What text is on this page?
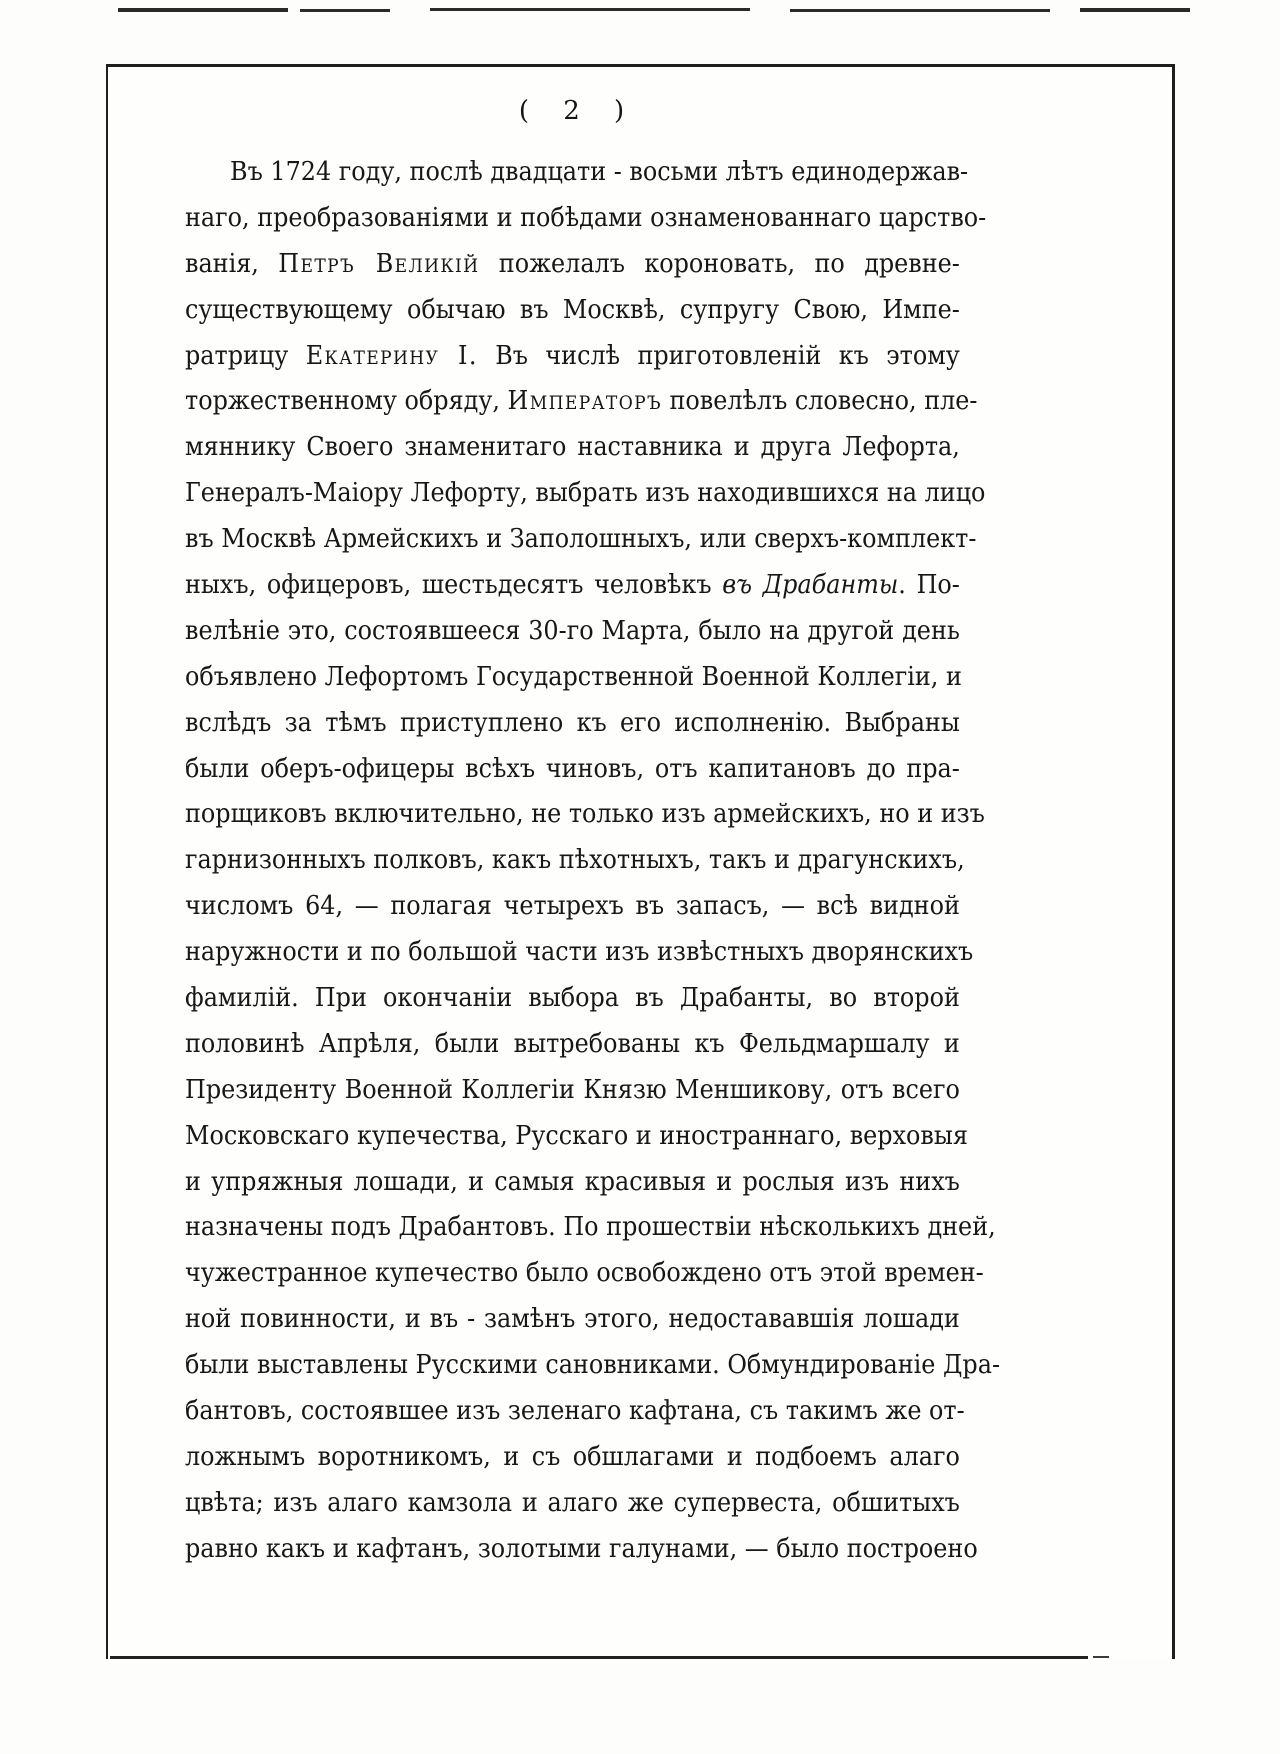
( 2 )
Въ 1724 году, послѣ двадцати - восьми лѣтъ единодержав-
наго, преобразованіями и побѣдами ознаменованнаго царство-
ванія, Петръ Великій пожелалъ короновать, по древне-
существующему обычаю въ Москвѣ, супругу Свою, Импе-
ратрицу Екатерину I. Въ числѣ приготовленій къ этому
торжественному обряду, Императоръ повелѣлъ словесно, пле-
мяннику Своего знаменитаго наставника и друга Лефорта,
Генералъ-Маіору Лефорту, выбрать изъ находившихся на лицо
въ Москвѣ Армейскихъ и Заполошныхъ, или сверхъ-комплект-
ныхъ, офицеровъ, шестьдесятъ человѣкъ въ Драбанты. По-
велѣніе это, состоявшееся 30-го Марта, было на другой день
объявлено Лефортомъ Государственной Военной Коллегіи, и
вслѣдъ за тѣмъ приступлено къ его исполненію. Выбраны
были оберъ-офицеры всѣхъ чиновъ, отъ капитановъ до пра-
порщиковъ включительно, не только изъ армейскихъ, но и изъ
гарнизонныхъ полковъ, какъ пѣхотныхъ, такъ и драгунскихъ,
числомъ 64, — полагая четырехъ въ запасъ, — всѣ видной
наружности и по большой части изъ извѣстныхъ дворянскихъ
фамилій. При окончаніи выбора въ Драбанты, во второй
половинѣ Апрѣля, были вытребованы къ Фельдмаршалу и
Президенту Военной Коллегіи Князю Меншикову, отъ всего
Московскаго купечества, Русскаго и иностраннаго, верховыя
и упряжныя лошади, и самыя красивыя и рослыя изъ нихъ
назначены подъ Драбантовъ. По прошествіи нѣсколькихъ дней,
чужестранное купечество было освобождено отъ этой времен-
ной повинности, и въ - замѣнъ этого, недостававшія лошади
были выставлены Русскими сановниками. Обмундированіе Дра-
бантовъ, состоявшее изъ зеленаго кафтана, съ такимъ же от-
ложнымъ воротникомъ, и съ обшлагами и подбоемъ алаго
цвѣта; изъ алаго камзола и алаго же супервеста, обшитыхъ
равно какъ и кафтанъ, золотыми галунами, — было построено
